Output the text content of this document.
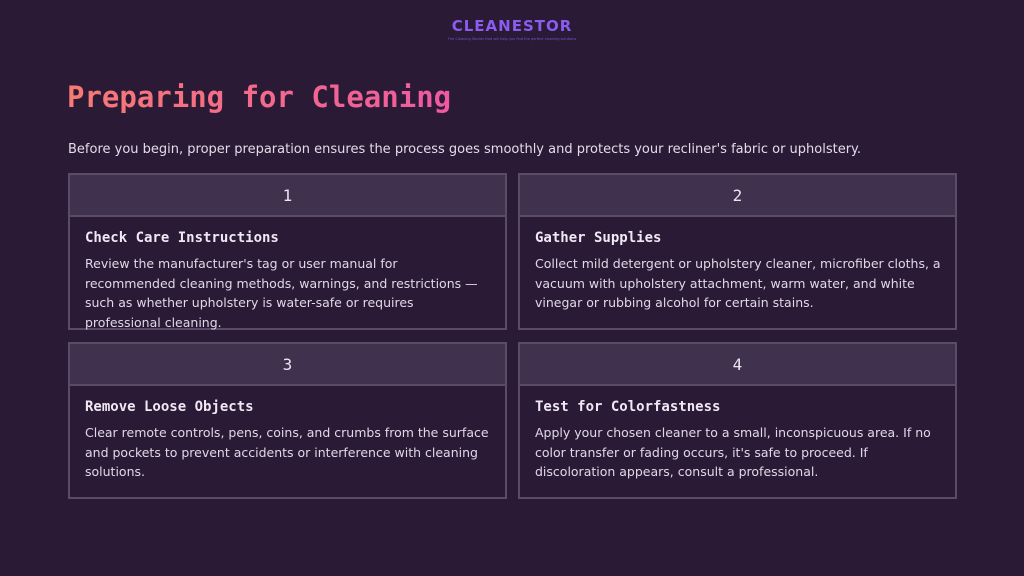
CLEANESTOR
The Cleaning Stories that will help you find the perfect cleaning solutions
Preparing for Cleaning

Before you begin, proper preparation ensures the process goes smoothly and protects your recliner's fabric or upholstery.

1
Check Care Instructions
Review the manufacturer's tag or user manual for recommended cleaning methods, warnings, and restrictions — such as whether upholstery is water-safe or requires professional cleaning.
2
Gather Supplies
Collect mild detergent or upholstery cleaner, microfiber cloths, a vacuum with upholstery attachment, warm water, and white vinegar or rubbing alcohol for certain stains.
3
Remove Loose Objects
Clear remote controls, pens, coins, and crumbs from the surface and pockets to prevent accidents or interference with cleaning solutions.
4
Test for Colorfastness
Apply your chosen cleaner to a small, inconspicuous area. If no color transfer or fading occurs, it's safe to proceed. If discoloration appears, consult a professional.
